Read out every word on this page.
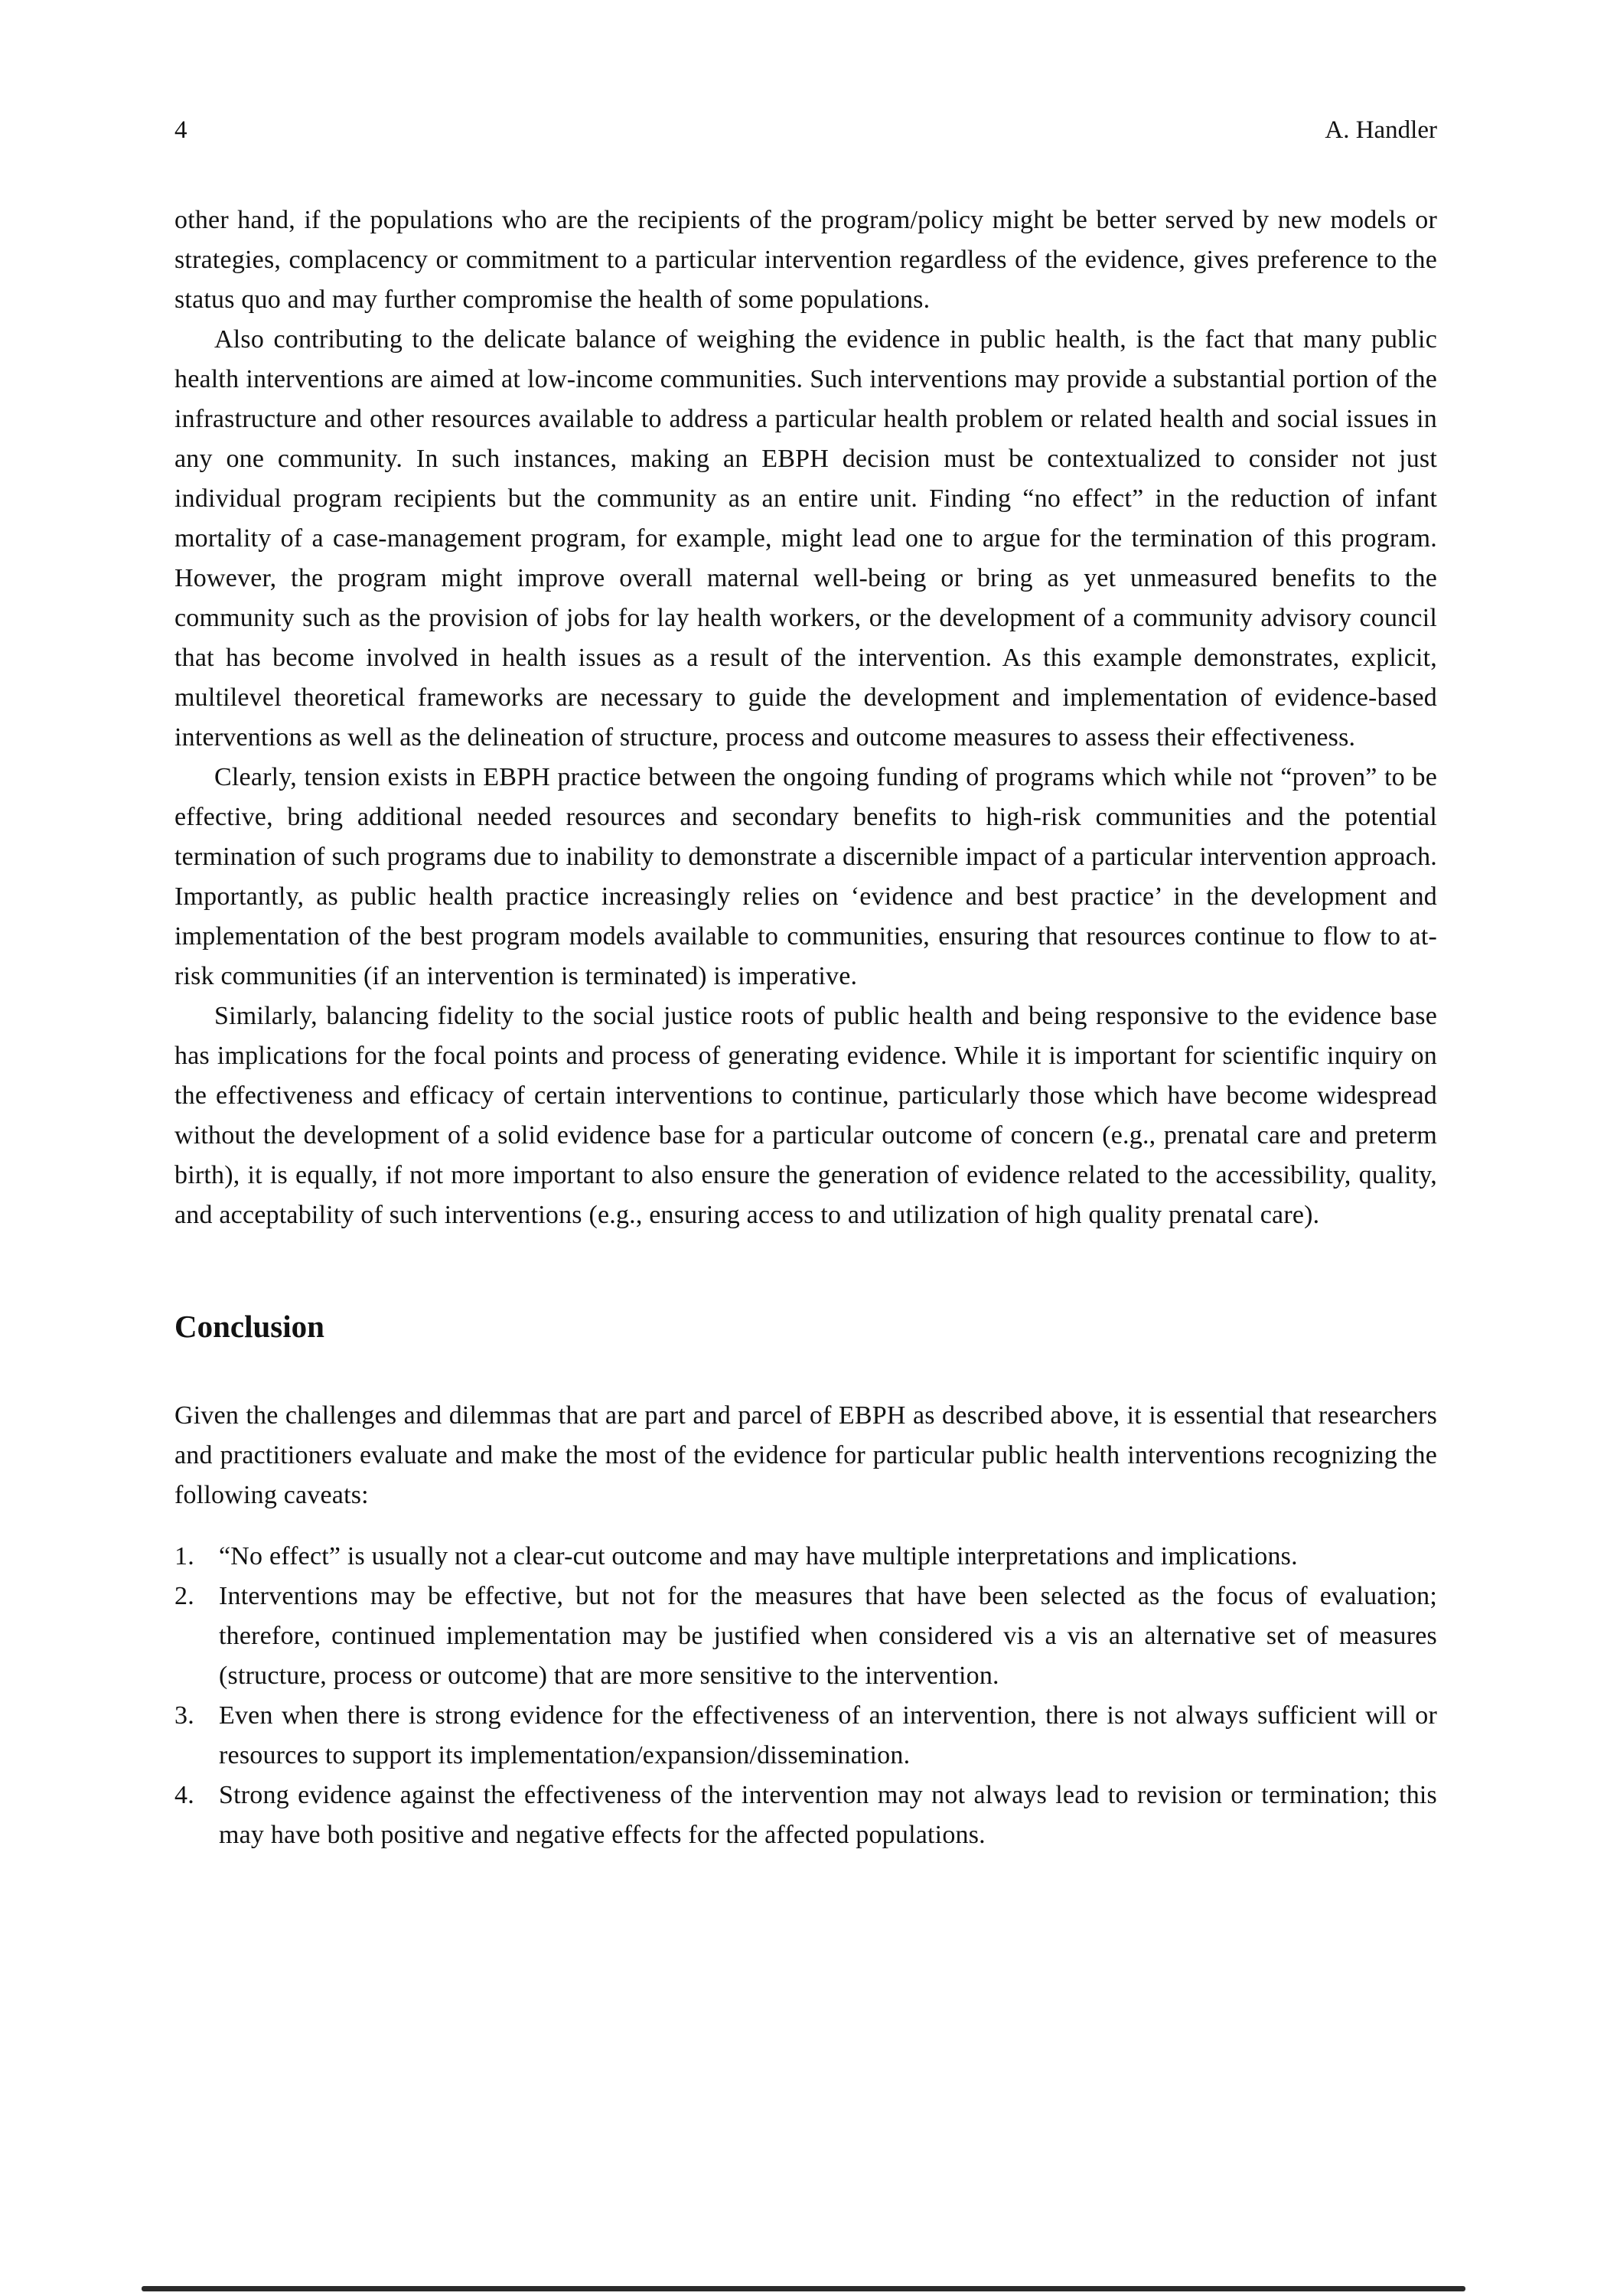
4	A. Handler

other hand, if the populations who are the recipients of the program/policy might be better served by new models or strategies, complacency or commitment to a particular intervention regardless of the evidence, gives preference to the status quo and may further compromise the health of some populations.

Also contributing to the delicate balance of weighing the evidence in public health, is the fact that many public health interventions are aimed at low-income communities. Such interventions may provide a substantial portion of the infrastructure and other resources available to address a particular health problem or related health and social issues in any one community. In such instances, making an EBPH decision must be contextualized to consider not just individual program recipients but the community as an entire unit. Finding “no effect” in the reduction of infant mortality of a case-management program, for example, might lead one to argue for the termination of this program. However, the program might improve overall maternal well-being or bring as yet unmeasured benefits to the community such as the provision of jobs for lay health workers, or the development of a community advisory council that has become involved in health issues as a result of the intervention. As this example demonstrates, explicit, multilevel theoretical frameworks are necessary to guide the development and implementation of evidence-based interventions as well as the delineation of structure, process and outcome measures to assess their effectiveness.

Clearly, tension exists in EBPH practice between the ongoing funding of programs which while not “proven” to be effective, bring additional needed resources and secondary benefits to high-risk communities and the potential termination of such programs due to inability to demonstrate a discernible impact of a particular intervention approach. Importantly, as public health practice increasingly relies on ‘evidence and best practice’ in the development and implementation of the best program models available to communities, ensuring that resources continue to flow to at-risk communities (if an intervention is terminated) is imperative.

Similarly, balancing fidelity to the social justice roots of public health and being responsive to the evidence base has implications for the focal points and process of generating evidence. While it is important for scientific inquiry on the effectiveness and efficacy of certain interventions to continue, particularly those which have become widespread without the development of a solid evidence base for a particular outcome of concern (e.g., prenatal care and preterm birth), it is equally, if not more important to also ensure the generation of evidence related to the accessibility, quality, and acceptability of such interventions (e.g., ensuring access to and utilization of high quality prenatal care).

Conclusion

Given the challenges and dilemmas that are part and parcel of EBPH as described above, it is essential that researchers and practitioners evaluate and make the most of the evidence for particular public health interventions recognizing the following caveats:

1. “No effect” is usually not a clear-cut outcome and may have multiple interpretations and implications.
2. Interventions may be effective, but not for the measures that have been selected as the focus of evaluation; therefore, continued implementation may be justified when considered vis a vis an alternative set of measures (structure, process or outcome) that are more sensitive to the intervention.
3. Even when there is strong evidence for the effectiveness of an intervention, there is not always sufficient will or resources to support its implementation/expansion/dissemination.
4. Strong evidence against the effectiveness of the intervention may not always lead to revision or termination; this may have both positive and negative effects for the affected populations.
